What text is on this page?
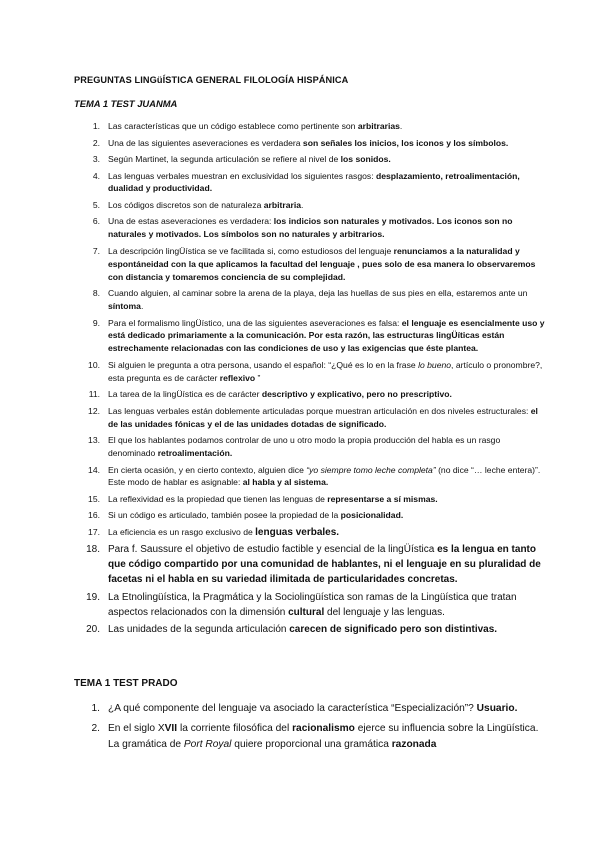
PREGUNTAS LINGüÍSTICA GENERAL FILOLOGÍA HISPÁNICA
TEMA 1 TEST JUANMA
1. Las características que un código establece como pertinente son arbitrarias.
2. Una de las siguientes aseveraciones es verdadera son señales los inicios, los iconos y los símbolos.
3. Según Martinet, la segunda articulación se refiere al nivel de los sonidos.
4. Las lenguas verbales muestran en exclusividad los siguientes rasgos: desplazamiento, retroalimentación, dualidad y productividad.
5. Los códigos discretos son de naturaleza arbitraria.
6. Una de estas aseveraciones es verdadera: los indicios son naturales y motivados. Los iconos son no naturales y motivados. Los símbolos son no naturales y arbitrarios.
7. La descripción lingÜística se ve facilitada si, como estudiosos del lenguaje renunciamos a la naturalidad y espontáneidad con la que aplicamos la facultad del lenguaje , pues solo de esa manera lo observaremos con distancia y tomaremos conciencia de su complejidad.
8. Cuando alguien, al caminar sobre la arena de la playa, deja las huellas de sus pies en ella, estaremos ante un síntoma.
9. Para el formalismo lingÜístico, una de las siguientes aseveraciones es falsa: el lenguaje es esencialmente uso y está dedicado primariamente a la comunicación. Por esta razón, las estructuras lingÜíticas están estrechamente relacionadas con las condiciones de uso y las exigencias que éste plantea.
10. Si alguien le pregunta a otra persona, usando el español: “¿Qué es lo en la frase lo bueno, artículo o pronombre?, esta pregunta es de carácter reflexivo ”
11. La tarea de la lingÜística es de carácter descriptivo y explicativo, pero no prescriptivo.
12. Las lenguas verbales están doblemente articuladas porque muestran articulación en dos niveles estructurales: el de las unidades fónicas y el de las unidades dotadas de significado.
13. El que los hablantes podamos controlar de uno u otro modo la propia producción del habla es un rasgo denominado retroalimentación.
14. En cierta ocasión, y en cierto contexto, alguien dice “yo siempre tomo leche completa” (no dice “… leche entera)”. Este modo de hablar es asignable: al habla y al sistema.
15. La reflexividad es la propiedad que tienen las lenguas de representarse a sí mismas.
16. Si un código es articulado, también posee la propiedad de la posicionalidad.
17. La eficiencia es un rasgo exclusivo de lenguas verbales.
18. Para f. Saussure el objetivo de estudio factible y esencial de la lingÜística es la lengua en tanto que código compartido por una comunidad de hablantes, ni el lenguaje en su pluralidad de facetas ni el habla en su variedad ilimitada de particularidades concretas.
19. La Etnolingüística, la Pragmática y la Sociolingüística son ramas de la Lingüística que tratan aspectos relacionados con la dimensión cultural del lenguaje y las lenguas.
20. Las unidades de la segunda articulación carecen de significado pero son distintivas.
TEMA 1 TEST PRADO
1. ¿A qué componente del lenguaje va asociado la característica “Especialización”? Usuario.
2. En el siglo XVII la corriente filosófica del racionalismo ejerce su influencia sobre la Lingüística. La gramática de Port Royal quiere proporcional una gramática razonada
